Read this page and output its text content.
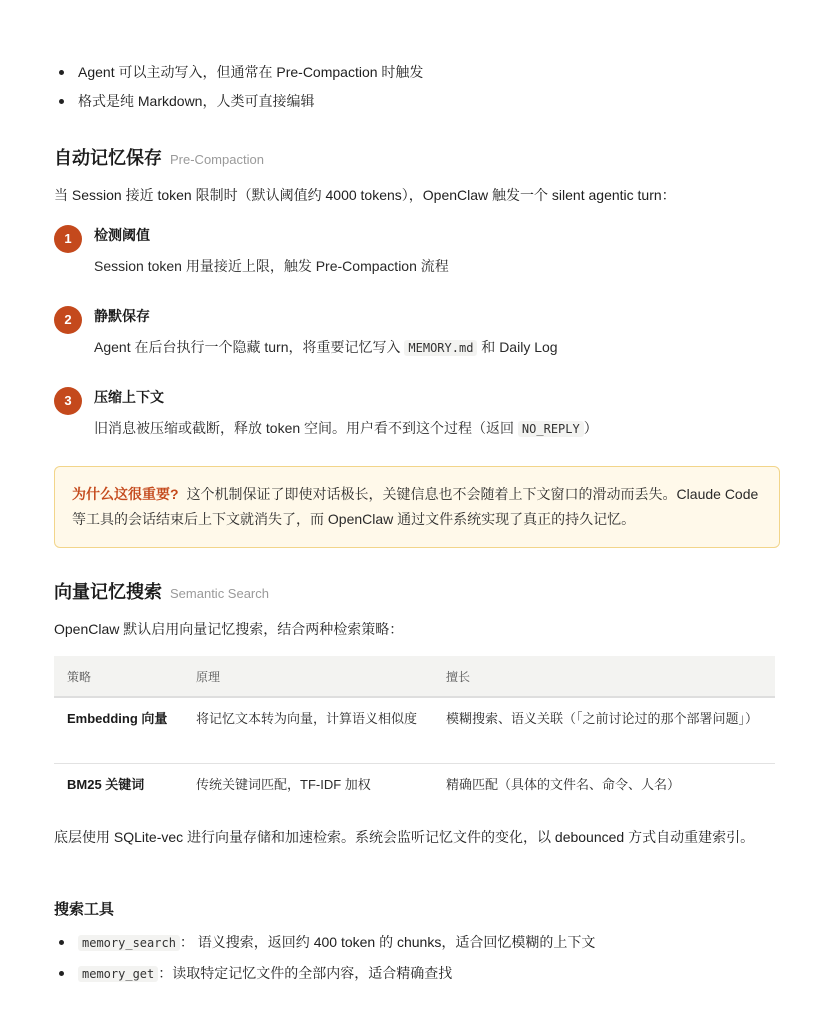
Agent 可以主动写入，但通常在 Pre-Compaction 时触发
格式是纯 Markdown，人类可直接编辑
自动记忆保存 Pre-Compaction

当 Session 接近 token 限制时（默认阈值约 4000 tokens），OpenClaw 触发一个 silent agentic turn：

1	检测阈值
Session token 用量接近上限，触发 Pre-Compaction 流程
2	静默保存
Agent 在后台执行一个隐藏 turn，将重要记忆写入 MEMORY.md 和 Daily Log
3	压缩上下文
旧消息被压缩或截断，释放 token 空间。用户看不到这个过程（返回 NO_REPLY ）
为什么这很重要? 这个机制保证了即使对话极长，关键信息也不会随着上下文窗口的滑动而丢失。Claude Code 等工具的会话结束后上下文就消失了，而 OpenClaw 通过文件系统实现了真正的持久记忆。
向量记忆搜索 Semantic Search

OpenClaw 默认启用向量记忆搜索，结合两种检索策略：

策略	原理	擅长
Embedding 向量	将记忆文本转为向量，计算语义相似度	模糊搜索、语义关联（「之前讨论过的那个部署问题」）
BM25 关键词	传统关键词匹配，TF-IDF 加权	精确匹配（具体的文件名、命令、人名）

底层使用 SQLite-vec 进行向量存储和加速检索。系统会监听记忆文件的变化，以 debounced 方式自动重建索引。

搜索工具
memory_search ： 语义搜索，返回约 400 token 的 chunks，适合回忆模糊的上下文
memory_get ：读取特定记忆文件的全部内容，适合精确查找
